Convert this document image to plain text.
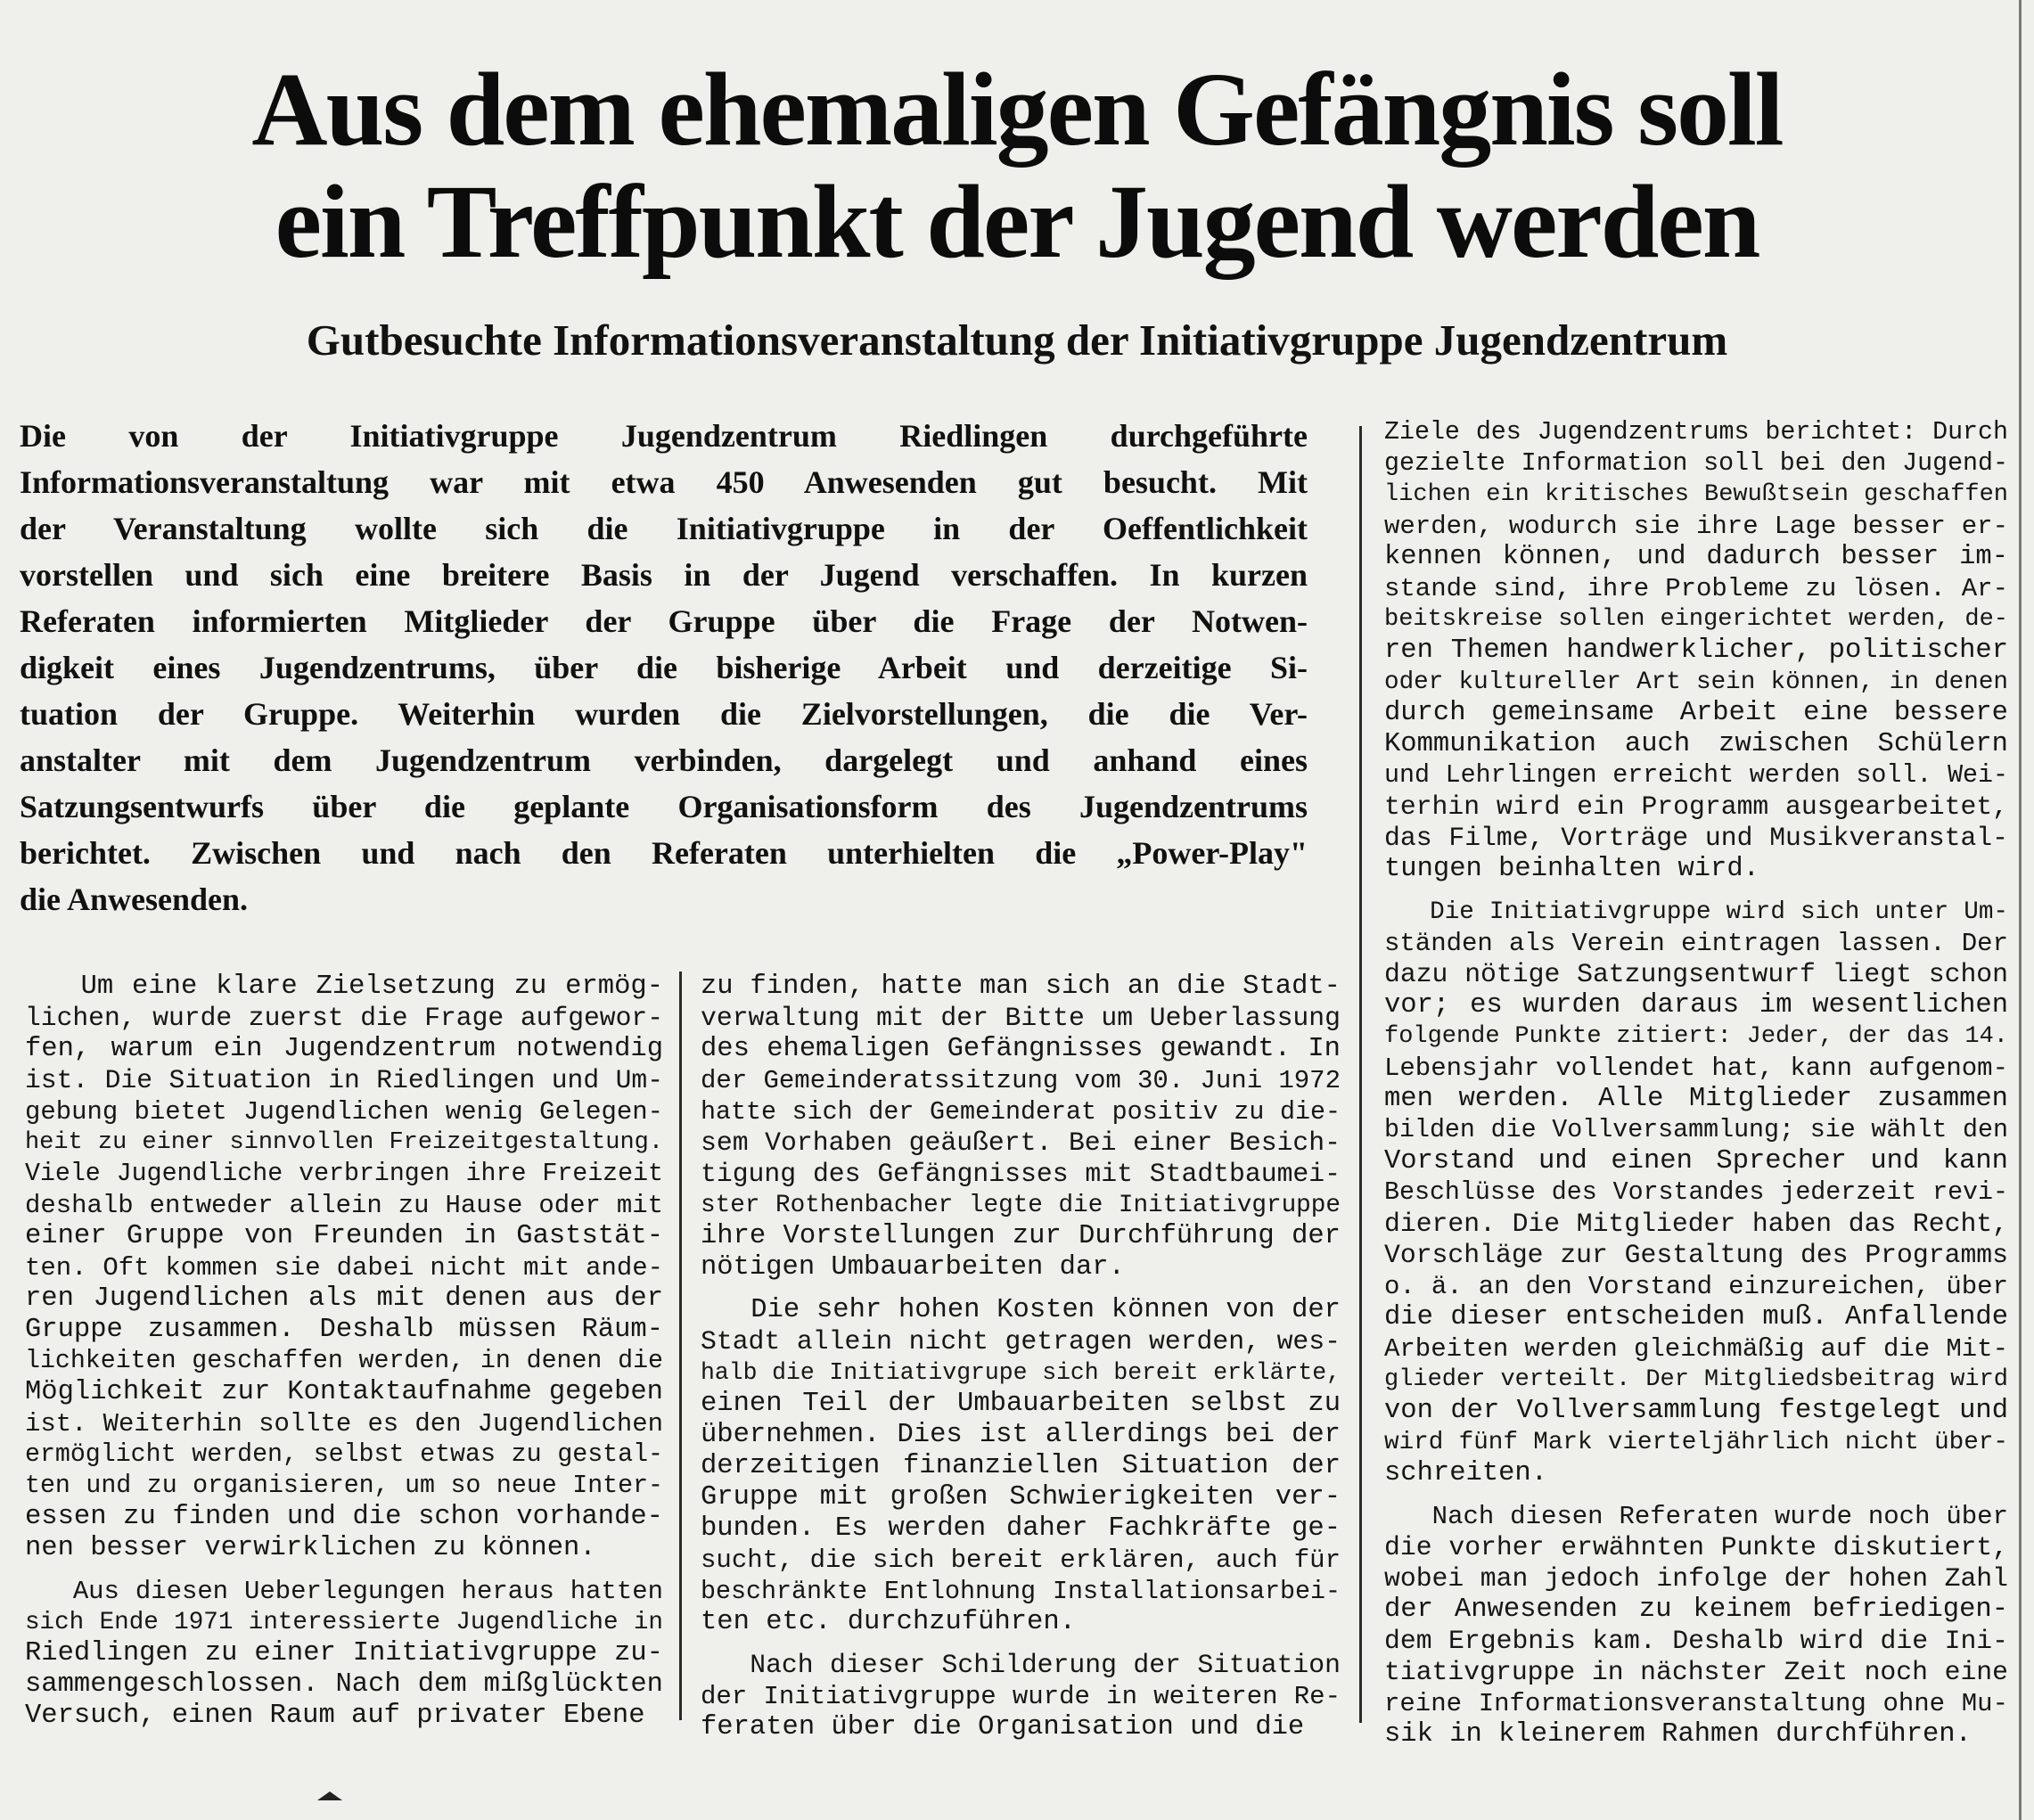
Aus dem ehemaligen Gefängnis soll
ein Treffpunkt der Jugend werden
Gutbesuchte Informationsveranstaltung der Initiativgruppe Jugendzentrum
Die von der Initiativgruppe Jugendzentrum Riedlingen durchgeführte
Informationsveranstaltung war mit etwa 450 Anwesenden gut besucht. Mit
der Veranstaltung wollte sich die Initiativgruppe in der Oeffentlichkeit
vorstellen und sich eine breitere Basis in der Jugend verschaffen. In kurzen
Referaten informierten Mitglieder der Gruppe über die Frage der Notwen-
digkeit eines Jugendzentrums, über die bisherige Arbeit und derzeitige Si-
tuation der Gruppe. Weiterhin wurden die Zielvorstellungen, die die Ver-
anstalter mit dem Jugendzentrum verbinden, dargelegt und anhand eines
Satzungsentwurfs über die geplante Organisationsform des Jugendzentrums
berichtet. Zwischen und nach den Referaten unterhielten die „Power-Play"
die Anwesenden.
Um eine klare Zielsetzung zu ermög-
lichen, wurde zuerst die Frage aufgewor-
fen, warum ein Jugendzentrum notwendig
ist. Die Situation in Riedlingen und Um-
gebung bietet Jugendlichen wenig Gelegen-
heit zu einer sinnvollen Freizeitgestaltung.
Viele Jugendliche verbringen ihre Freizeit
deshalb entweder allein zu Hause oder mit
einer Gruppe von Freunden in Gaststät-
ten. Oft kommen sie dabei nicht mit ande-
ren Jugendlichen als mit denen aus der
Gruppe zusammen. Deshalb müssen Räum-
lichkeiten geschaffen werden, in denen die
Möglichkeit zur Kontaktaufnahme gegeben
ist. Weiterhin sollte es den Jugendlichen
ermöglicht werden, selbst etwas zu gestal-
ten und zu organisieren, um so neue Inter-
essen zu finden und die schon vorhande-
nen besser verwirklichen zu können.
Aus diesen Ueberlegungen heraus hatten
sich Ende 1971 interessierte Jugendliche in
Riedlingen zu einer Initiativgruppe zu-
sammengeschlossen. Nach dem mißglückten
Versuch, einen Raum auf privater Ebene
zu finden, hatte man sich an die Stadt-
verwaltung mit der Bitte um Ueberlassung
des ehemaligen Gefängnisses gewandt. In
der Gemeinderatssitzung vom 30. Juni 1972
hatte sich der Gemeinderat positiv zu die-
sem Vorhaben geäußert. Bei einer Besich-
tigung des Gefängnisses mit Stadtbaumei-
ster Rothenbacher legte die Initiativgruppe
ihre Vorstellungen zur Durchführung der
nötigen Umbauarbeiten dar.
Die sehr hohen Kosten können von der
Stadt allein nicht getragen werden, wes-
halb die Initiativgrupe sich bereit erklärte,
einen Teil der Umbauarbeiten selbst zu
übernehmen. Dies ist allerdings bei der
derzeitigen finanziellen Situation der
Gruppe mit großen Schwierigkeiten ver-
bunden. Es werden daher Fachkräfte ge-
sucht, die sich bereit erklären, auch für
beschränkte Entlohnung Installationsarbei-
ten etc. durchzuführen.
Nach dieser Schilderung der Situation
der Initiativgruppe wurde in weiteren Re-
feraten über die Organisation und die
Ziele des Jugendzentrums berichtet: Durch
gezielte Information soll bei den Jugend-
lichen ein kritisches Bewußtsein geschaffen
werden, wodurch sie ihre Lage besser er-
kennen können, und dadurch besser im-
stande sind, ihre Probleme zu lösen. Ar-
beitskreise sollen eingerichtet werden, de-
ren Themen handwerklicher, politischer
oder kultureller Art sein können, in denen
durch gemeinsame Arbeit eine bessere
Kommunikation auch zwischen Schülern
und Lehrlingen erreicht werden soll. Wei-
terhin wird ein Programm ausgearbeitet,
das Filme, Vorträge und Musikveranstal-
tungen beinhalten wird.
Die Initiativgruppe wird sich unter Um-
ständen als Verein eintragen lassen. Der
dazu nötige Satzungsentwurf liegt schon
vor; es wurden daraus im wesentlichen
folgende Punkte zitiert: Jeder, der das 14.
Lebensjahr vollendet hat, kann aufgenom-
men werden. Alle Mitglieder zusammen
bilden die Vollversammlung; sie wählt den
Vorstand und einen Sprecher und kann
Beschlüsse des Vorstandes jederzeit revi-
dieren. Die Mitglieder haben das Recht,
Vorschläge zur Gestaltung des Programms
o. ä. an den Vorstand einzureichen, über
die dieser entscheiden muß. Anfallende
Arbeiten werden gleichmäßig auf die Mit-
glieder verteilt. Der Mitgliedsbeitrag wird
von der Vollversammlung festgelegt und
wird fünf Mark vierteljährlich nicht über-
schreiten.
Nach diesen Referaten wurde noch über
die vorher erwähnten Punkte diskutiert,
wobei man jedoch infolge der hohen Zahl
der Anwesenden zu keinem befriedigen-
dem Ergebnis kam. Deshalb wird die Ini-
tiativgruppe in nächster Zeit noch eine
reine Informationsveranstaltung ohne Mu-
sik in kleinerem Rahmen durchführen.
